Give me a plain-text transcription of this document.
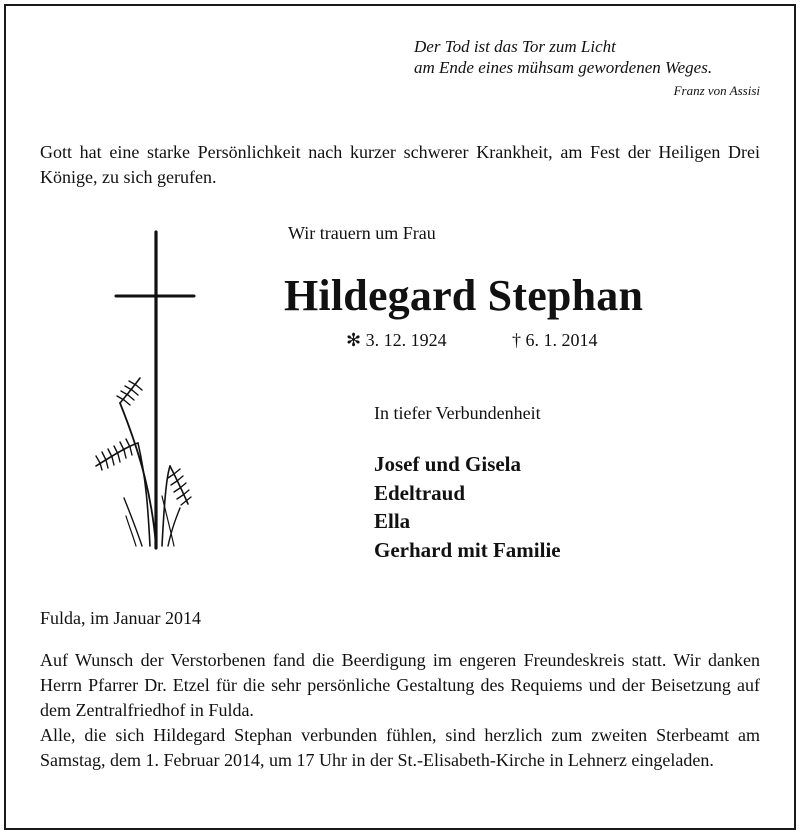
Der Tod ist das Tor zum Licht
am Ende eines mühsam gewordenen Weges.
Franz von Assisi
Gott hat eine starke Persönlichkeit nach kurzer schwerer Krankheit, am Fest der Heiligen Drei Könige, zu sich gerufen.
Wir trauern um Frau
Hildegard Stephan
✻ 3. 12. 1924	† 6. 1. 2014
In tiefer Verbundenheit
Josef und Gisela
Edeltraud
Ella
Gerhard mit Familie
Fulda, im Januar 2014

Auf Wunsch der Verstorbenen fand die Beerdigung im engeren Freundeskreis statt. Wir danken Herrn Pfarrer Dr. Etzel für die sehr persönliche Gestaltung des Requiems und der Beisetzung auf dem Zentralfriedhof in Fulda.

Alle, die sich Hildegard Stephan verbunden fühlen, sind herzlich zum zweiten Sterbeamt am Samstag, dem 1. Februar 2014, um 17 Uhr in der St.-Elisabeth-Kirche in Lehnerz eingeladen.
